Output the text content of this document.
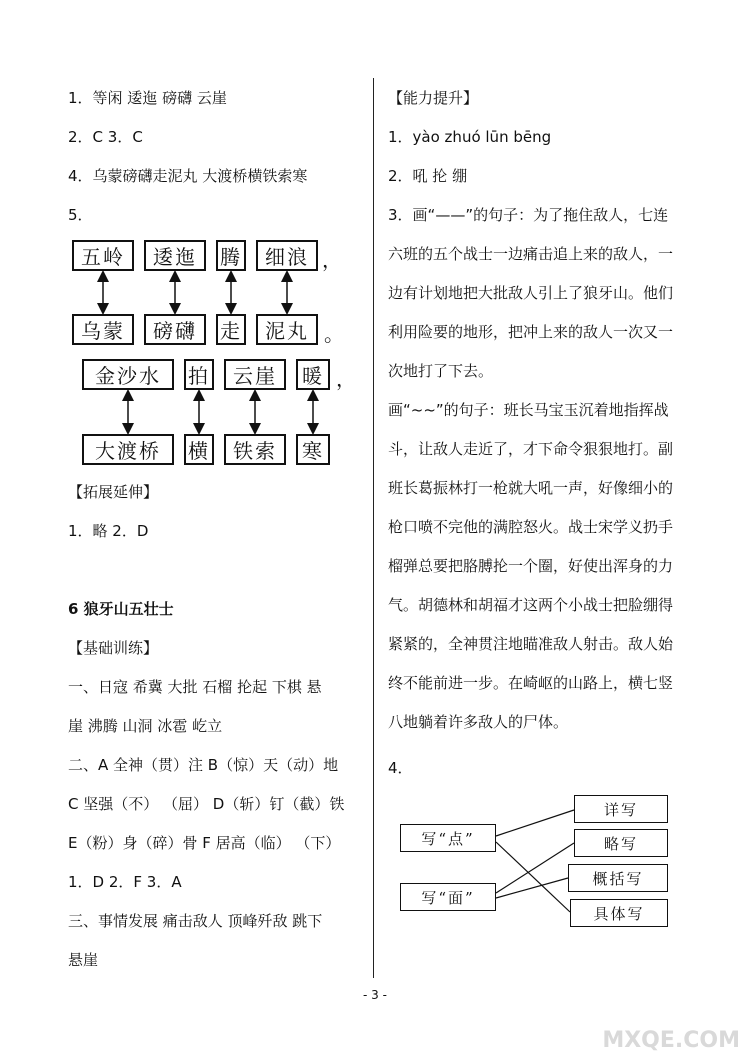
1．等闲 逶迤 磅礴 云崖
2．C 3．C
4．乌蒙磅礴走泥丸 大渡桥横铁索寒
5．
五岭	逶迤	腾	细浪 ，
乌蒙	磅礴	走	泥丸 。
金沙水	拍	云崖	暖 ，
大渡桥	横	铁索	寒
【拓展延伸】
1．略 2．D
6 狼牙山五壮士
【基础训练】
一、日寇 希冀 大批 石榴 抡起 下棋 悬
崖 沸腾 山洞 冰雹 屹立
二、A 全神（贯）注 B（惊）天（动）地
C 坚强（不） （屈） D（斩）钉（截）铁
E（粉）身（碎）骨 F 居高（临） （下）
1．D 2．F 3．A
三、事情发展 痛击敌人 顶峰歼敌 跳下
悬崖
【能力提升】
1．yào zhuó lūn bēng
2．吼 抡 绷
3．画“——”的句子：为了拖住敌人，七连
六班的五个战士一边痛击追上来的敌人，一
边有计划地把大批敌人引上了狼牙山。他们
利用险要的地形，把冲上来的敌人一次又一
次地打了下去。
画“~~”的句子：班长马宝玉沉着地指挥战
斗，让敌人走近了，才下命令狠狠地打。副
班长葛振林打一枪就大吼一声，好像细小的
枪口喷不完他的满腔怒火。战士宋学义扔手
榴弹总要把胳膊抡一个圈，好使出浑身的力
气。胡德林和胡福才这两个小战士把脸绷得
紧紧的，全神贯注地瞄准敌人射击。敌人始
终不能前进一步。在崎岖的山路上，横七竖
八地躺着许多敌人的尸体。
4．
写“点”
写“面”
详写
略写
概括写
具体写
- 3 -
MXQE.COM
